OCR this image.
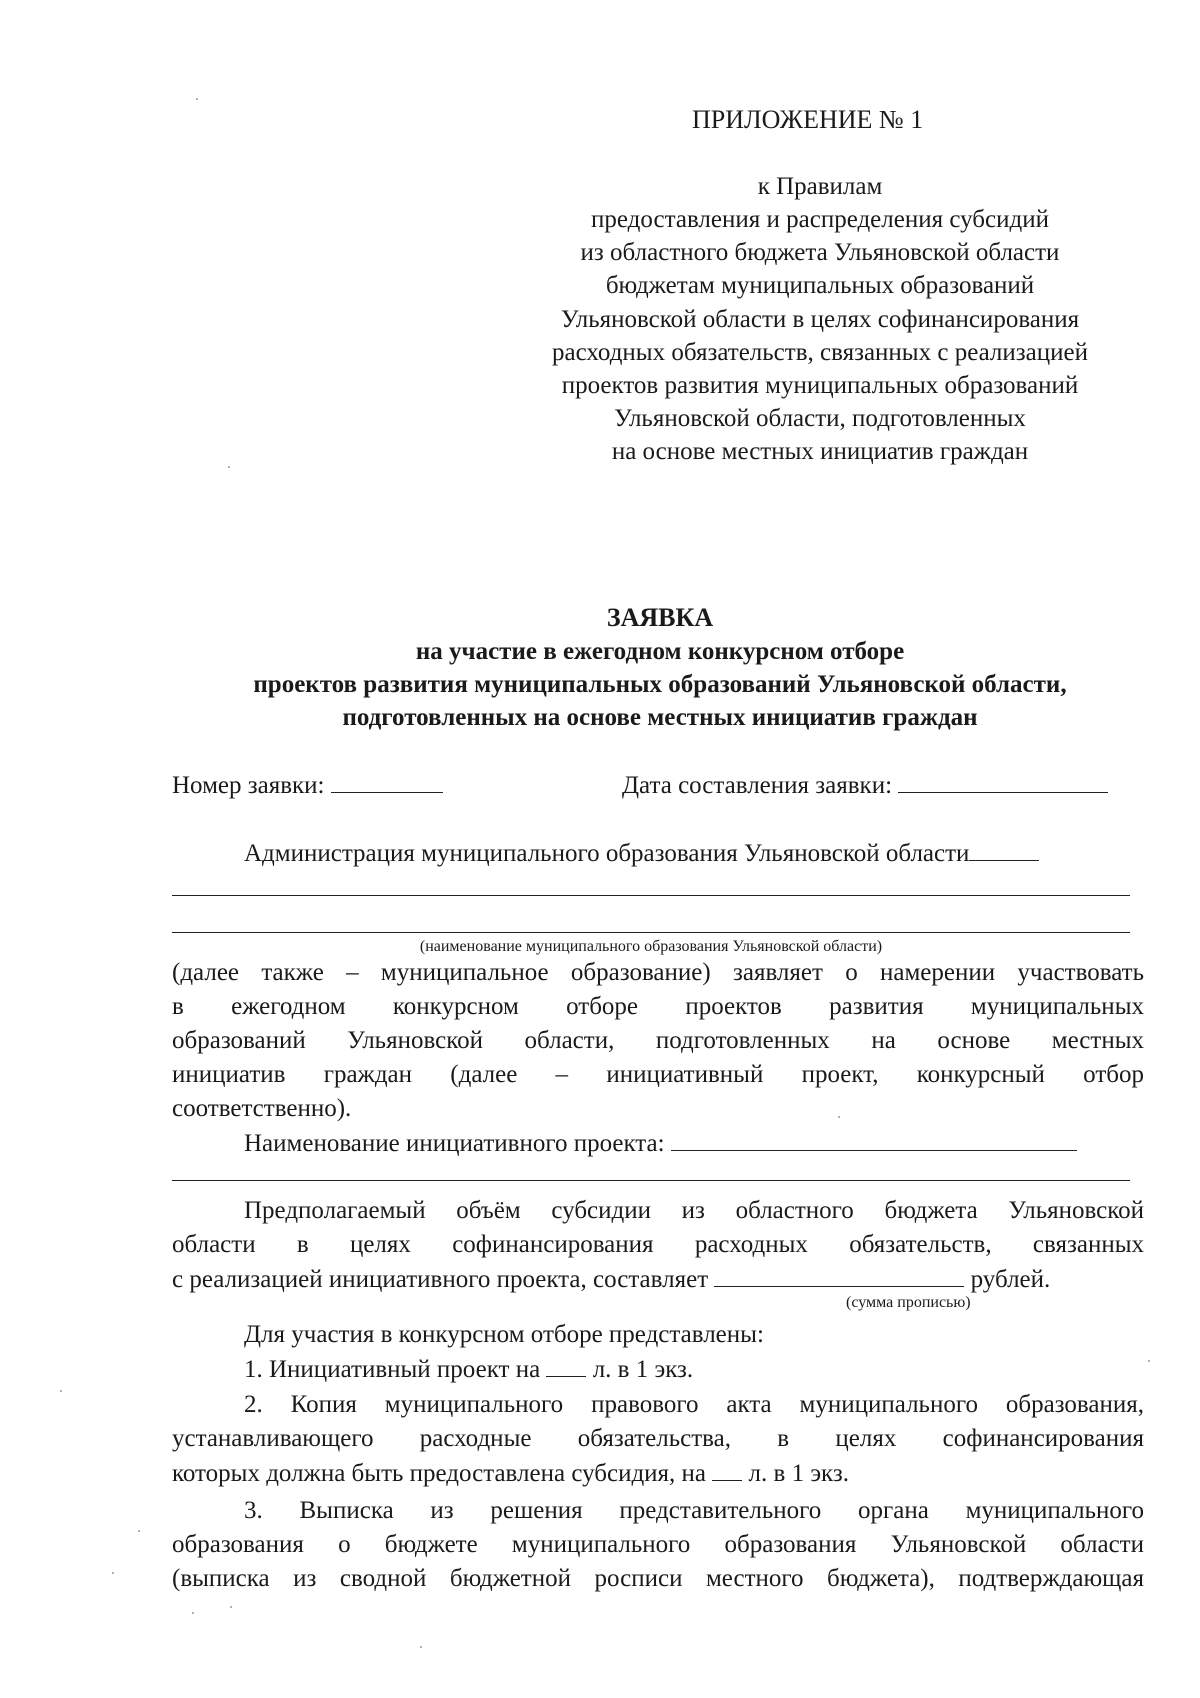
ПРИЛОЖЕНИЕ № 1
к Правилам
предоставления и распределения субсидий
из областного бюджета Ульяновской области
бюджетам муниципальных образований
Ульяновской области в целях софинансирования
расходных обязательств, связанных с реализацией
проектов развития муниципальных образований
Ульяновской области, подготовленных
на основе местных инициатив граждан
ЗАЯВКА
на участие в ежегодном конкурсном отборе
проектов развития муниципальных образований Ульяновской области,
подготовленных на основе местных инициатив граждан
Номер заявки:	Дата составления заявки:
Администрация муниципального образования Ульяновской области
(наименование муниципального образования Ульяновской области)
(далее также – муниципальное образование) заявляет о намерении участвовать
в ежегодном конкурсном отборе проектов развития муниципальных
образований Ульяновской области, подготовленных на основе местных
инициатив граждан (далее – инициативный проект, конкурсный отбор
соответственно).
Наименование инициативного проекта:
Предполагаемый объём субсидии из областного бюджета Ульяновской
области в целях софинансирования расходных обязательств, связанных
с реализацией инициативного проекта, составляет	рублей.
(сумма прописью)
Для участия в конкурсном отборе представлены:
1. Инициативный проект на л. в 1 экз.
2. Копия муниципального правового акта муниципального образования,
устанавливающего расходные обязательства, в целях софинансирования
которых должна быть предоставлена субсидия, на л. в 1 экз.
3. Выписка из решения представительного органа муниципального
образования о бюджете муниципального образования Ульяновской области
(выписка из сводной бюджетной росписи местного бюджета), подтверждающая
